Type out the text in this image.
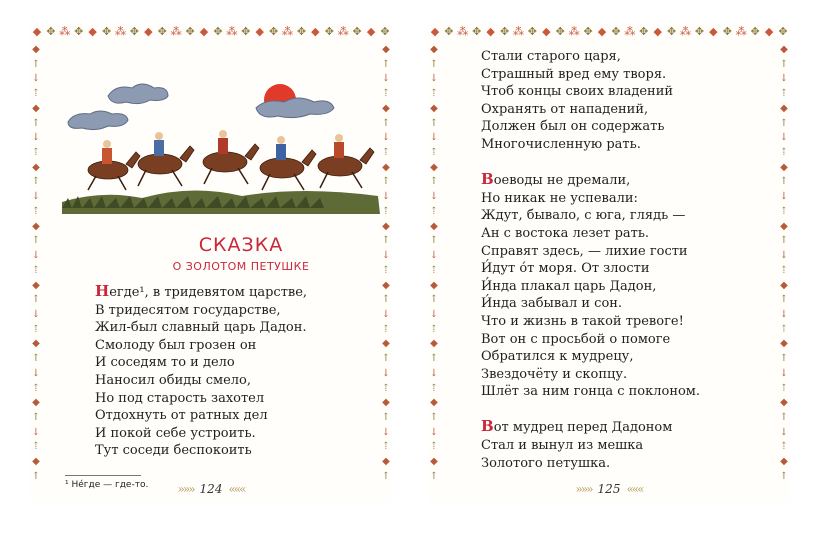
◆ ✥ ⁂ ✥ ◆ ✥ ⁂ ✥ ◆ ✥ ⁂ ✥ ◆ ✥ ⁂ ✥ ◆ ✥ ⁂ ✥ ◆ ✥ ⁂ ✥ ◆ ✥
◆
↑
↓
⇡
◆
↑
↓
⇡
◆
↑
↓
⇡
◆
↑
↓
⇡
◆
↑
↓
⇡
◆
↑
↓
⇡
◆
↑
↓
⇡
◆
↑
◆
↑
↓
⇡
◆
↑
↓
⇡
◆
↑
↓
⇡
◆
↑
↓
⇡
◆
↑
↓
⇡
◆
↑
↓
⇡
◆
↑
↓
⇡
◆
↑
СКАЗКА
О ЗОЛОТОМ ПЕТУШКЕ
Негде¹, в тридевятом царстве,
В тридесятом государстве,
Жил-был славный царь Дадон.
Смолоду был грозен он
И соседям то и дело
Наносил обиды смело,
Но под старость захотел
Отдохнуть от ратных дел
И покой себе устроить.
Тут соседи беспокоить
¹ Не́где — где-то.	»»» 124 «««
◆ ✥ ⁂ ✥ ◆ ✥ ⁂ ✥ ◆ ✥ ⁂ ✥ ◆ ✥ ⁂ ✥ ◆ ✥ ⁂ ✥ ◆ ✥ ⁂ ✥ ◆ ✥
◆
↑
↓
⇡
◆
↑
↓
⇡
◆
↑
↓
⇡
◆
↑
↓
⇡
◆
↑
↓
⇡
◆
↑
↓
⇡
◆
↑
↓
⇡
◆
↑
◆
↑
↓
⇡
◆
↑
↓
⇡
◆
↑
↓
⇡
◆
↑
↓
⇡
◆
↑
↓
⇡
◆
↑
↓
⇡
◆
↑
↓
⇡
◆
↑
Стали старого царя,
Страшный вред ему творя.
Чтоб концы своих владений
Охранять от нападений,
Должен был он содержать
Многочисленную рать.
Воеводы не дремали,
Но никак не успевали:
Ждут, бывало, с юга, глядь —
Ан с востока лезет рать.
Справят здесь, — лихие гости
И́дут о́т моря. От злости
И́нда плакал царь Дадон,
И́нда забывал и сон.
Что и жизнь в такой тревоге!
Вот он с просьбой о помоге
Обратился к мудрецу,
Звездочёту и скопцу.
Шлёт за ним гонца с поклоном.
Вот мудрец перед Дадоном
Стал и вынул из мешка
Золотого петушка.
»»» 125 «««
